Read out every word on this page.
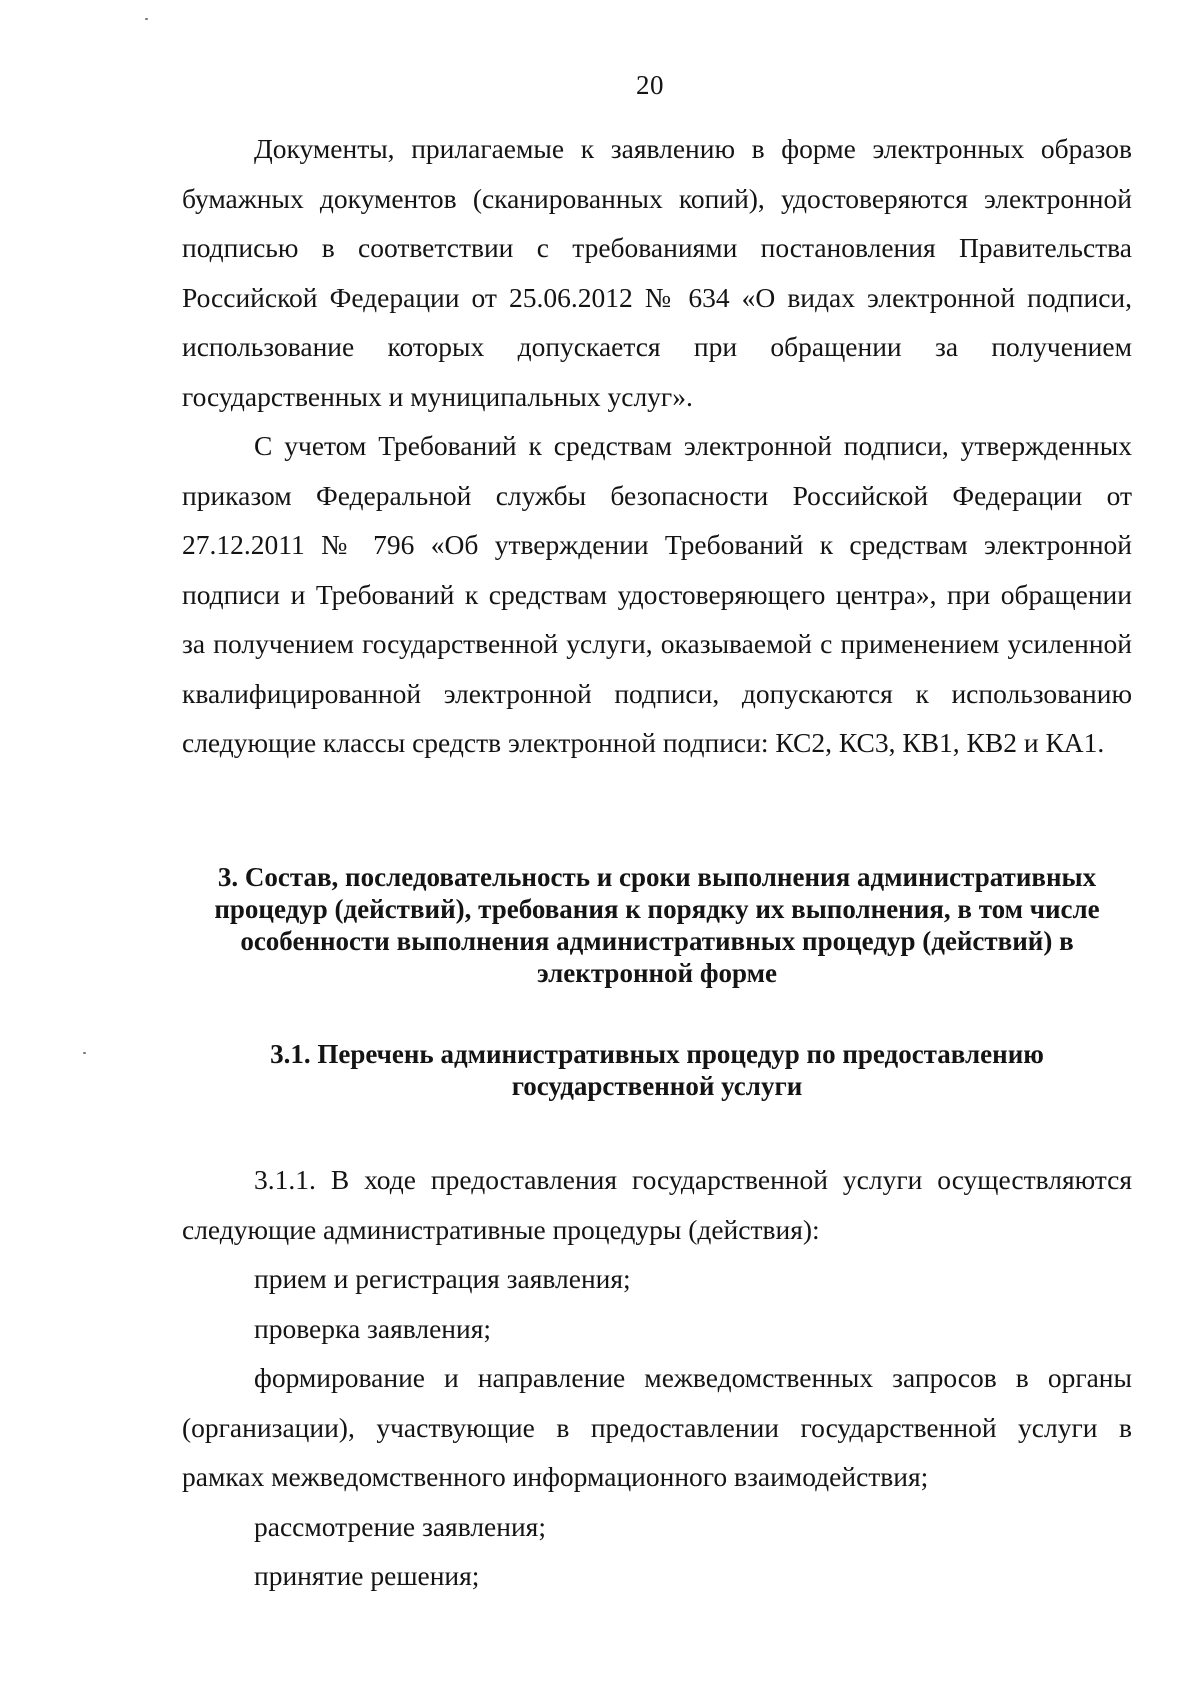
20

Документы, прилагаемые к заявлению в форме электронных образов бумажных документов (сканированных копий), удостоверяются электронной подписью в соответствии с требованиями постановления Правительства Российской Федерации от 25.06.2012 № 634 «О видах электронной подписи, использование которых допускается при обращении за получением государственных и муниципальных услуг».

С учетом Требований к средствам электронной подписи, утвержденных приказом Федеральной службы безопасности Российской Федерации от 27.12.2011 № 796 «Об утверждении Требований к средствам электронной подписи и Требований к средствам удостоверяющего центра», при обращении за получением государственной услуги, оказываемой с применением усиленной квалифицированной электронной подписи, допускаются к использованию следующие классы средств электронной подписи: КС2, КС3, КВ1, КВ2 и КА1.

3. Состав, последовательность и сроки выполнения административных процедур (действий), требования к порядку их выполнения, в том числе особенности выполнения административных процедур (действий) в электронной форме
3.1. Перечень административных процедур по предоставлению государственной услуги

3.1.1. В ходе предоставления государственной услуги осуществляются следующие административные процедуры (действия):

прием и регистрация заявления;
проверка заявления;
формирование и направление межведомственных запросов в органы (организации), участвующие в предоставлении государственной услуги в рамках межведомственного информационного взаимодействия;
рассмотрение заявления;
принятие решения;
